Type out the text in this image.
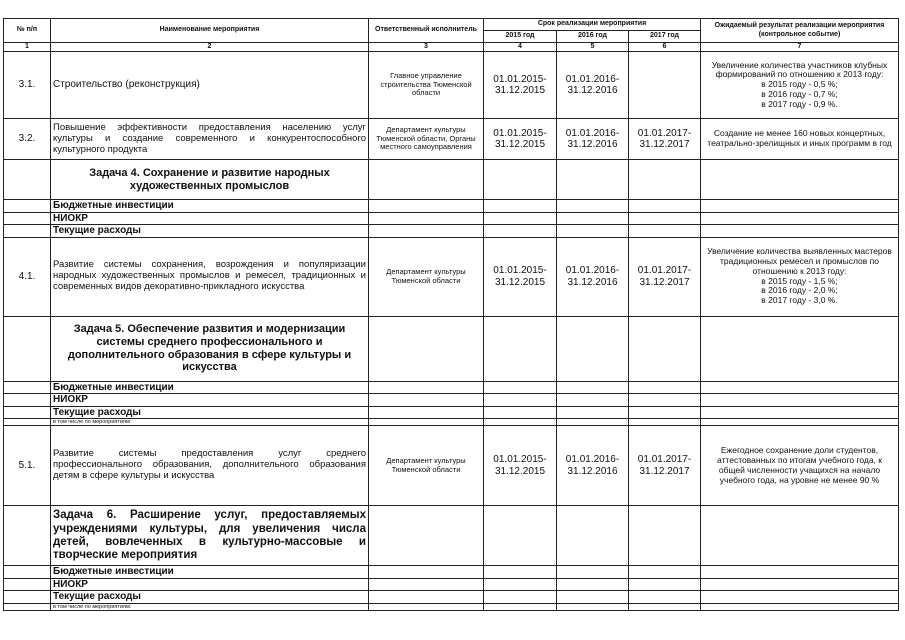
№ п/п	Наименование мероприятия	Ответственный исполнитель	Срок реализации мероприятия			Ожидаемый результат реализации мероприятия (контрольное событие)
			2015 год	2016 год	2017 год	
1	2	3	4	5	6	7
3.1.	Строительство (реконструкция)	Главное управление строительства Тюменской области	01.01.2015-31.12.2015	01.01.2016-31.12.2016		Увеличение количества участников клубных формирований по отношению к 2013 году:
в 2015 году - 0,5 %;
в 2016 году - 0,7 %;
в 2017 году - 0,9 %.

3.2.	Повышение эффективности предоставления населению услуг культуры и создание современного и конкурентоспособного культурного продукта	Департамент культуры Тюменской области, Органы местного самоуправления	01.01.2015-31.12.2015	01.01.2016-31.12.2016	01.01.2017-31.12.2017	Создание не менее 160 новых концертных, театрально-зрелищных и иных программ в год
	Задача 4. Сохранение и развитие народных художественных промыслов					
	Бюджетные инвестиции					
	НИОКР					
	Текущие расходы					
4.1.	Развитие системы сохранения, возрождения и популяризации народных художественных промыслов и ремесел, традиционных и современных видов декоративно-прикладного искусства	Департамент культуры Тюменской области	01.01.2015-31.12.2015	01.01.2016-31.12.2016	01.01.2017-31.12.2017	Увеличение количества выявленных мастеров традиционных ремесел и промыслов по отношению к 2013 году:
в 2015 году - 1,5 %;
в 2016 году - 2,0 %;
в 2017 году - 3,0 %.

	Задача 5. Обеспечение развития и модернизации системы среднего профессионального и дополнительного образования в сфере культуры и искусства					
	Бюджетные инвестиции					
	НИОКР					
	Текущие расходы					
	в том числе по мероприятиям:					
5.1.	Развитие системы предоставления услуг среднего профессионального образования, дополнительного образования детям в сфере культуры и искусства	Департамент культуры Тюменской области	01.01.2015-31.12.2015	01.01.2016-31.12.2016	01.01.2017-31.12.2017	Ежегодное сохранение доли студентов, аттестованных по итогам учебного года, к общей численности учащихся на начало учебного года, на уровне не менее 90 %
	Задача 6. Расширение услуг, предоставляемых учреждениями культуры, для увеличения числа детей, вовлеченных в культурно-массовые и творческие мероприятия					
	Бюджетные инвестиции					
	НИОКР					
	Текущие расходы					
	в том числе по мероприятиям:					
